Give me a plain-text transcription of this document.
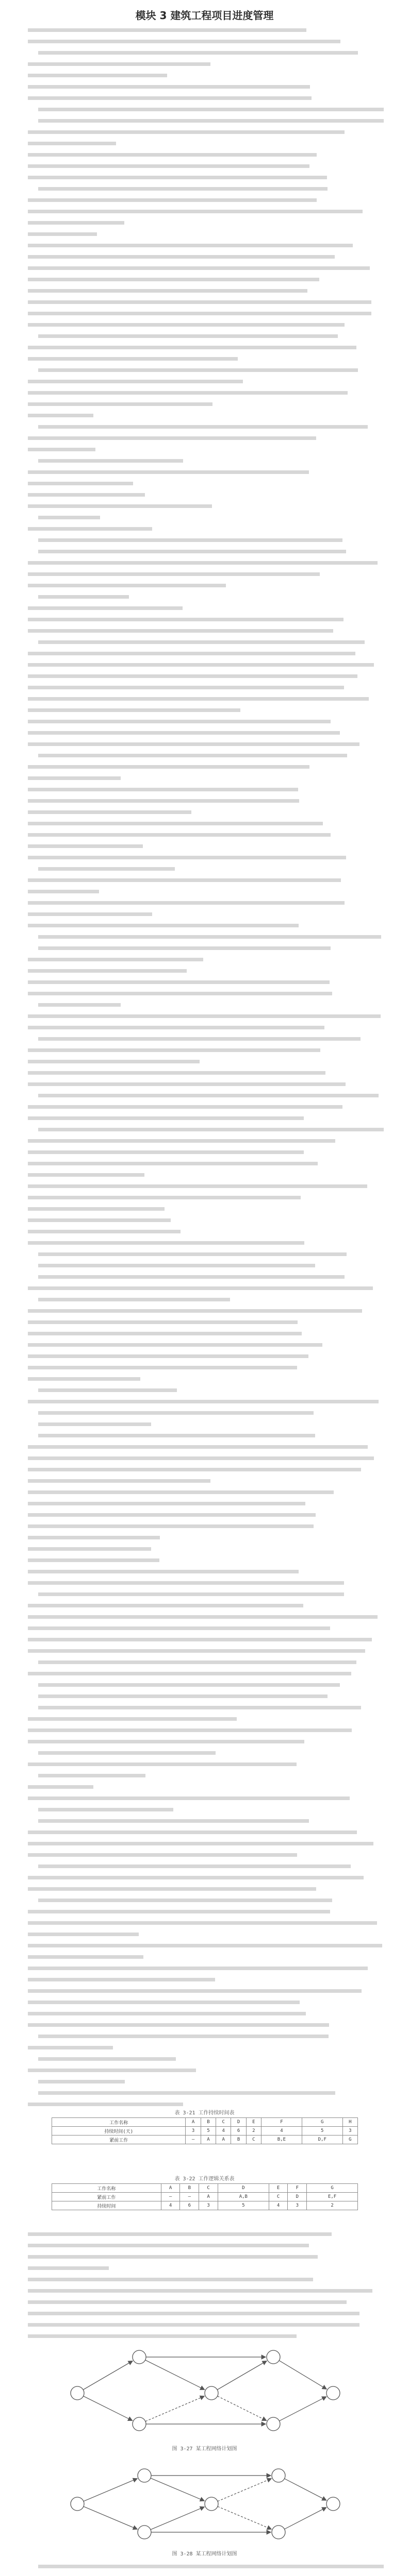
模块 3 建筑工程项目进度管理
表 3-21 工作持续时间表
工作名称	A	B	C	D	E	F	G	H
持续时间(天)	3	5	4	6	2	4	5	3
紧前工作	—	A	A	B	C	B,E	D,F	G
表 3-22 工作逻辑关系表
工作名称	A	B	C	D	E	F	G
紧前工作	—	—	A	A,B	C	D	E,F
持续时间	4	6	3	5	4	3	2
图 3-27 某工程网络计划图
图 3-28 某工程网络计划图
